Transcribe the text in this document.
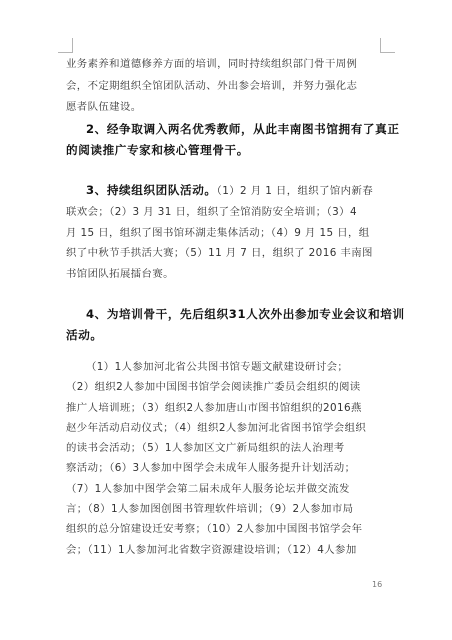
业务素养和道德修养方面的培训，同时持续组织部门骨干周例
会，不定期组织全馆团队活动、外出参会培训，并努力强化志
愿者队伍建设。
2、经争取调入两名优秀教师，从此丰南图书馆拥有了真正
的阅读推广专家和核心管理骨干。
3、持续组织团队活动。（1）2 月 1 日，组织了馆内新春
联欢会；（2）3 月 31 日，组织了全馆消防安全培训；（3）4
月 15 日，组织了图书馆环湖走集体活动；（4）9 月 15 日，组
织了中秋节手拱活大赛；（5）11 月 7 日，组织了 2016 丰南图
书馆团队拓展擂台赛。
4、为培训骨干，先后组织31人次外出参加专业会议和培训
活动。
（1）1人参加河北省公共图书馆专题文献建设研讨会；
（2）组织2人参加中国图书馆学会阅读推广委员会组织的阅读
推广人培训班；（3）组织2人参加唐山市图书馆组织的2016燕
赵少年活动启动仪式；（4）组织2人参加河北省图书馆学会组织
的读书会活动；（5）1人参加区文广新局组织的法人治理考
察活动；（6）3人参加中图学会未成年人服务提升计划活动；
（7）1人参加中图学会第二届未成年人服务论坛并做交流发
言；（8）1人参加图创图书管理软件培训；（9）2人参加市局
组织的总分馆建设迁安考察；（10）2人参加中国图书馆学会年
会；（11）1人参加河北省数字资源建设培训；（12）4人参加
16
